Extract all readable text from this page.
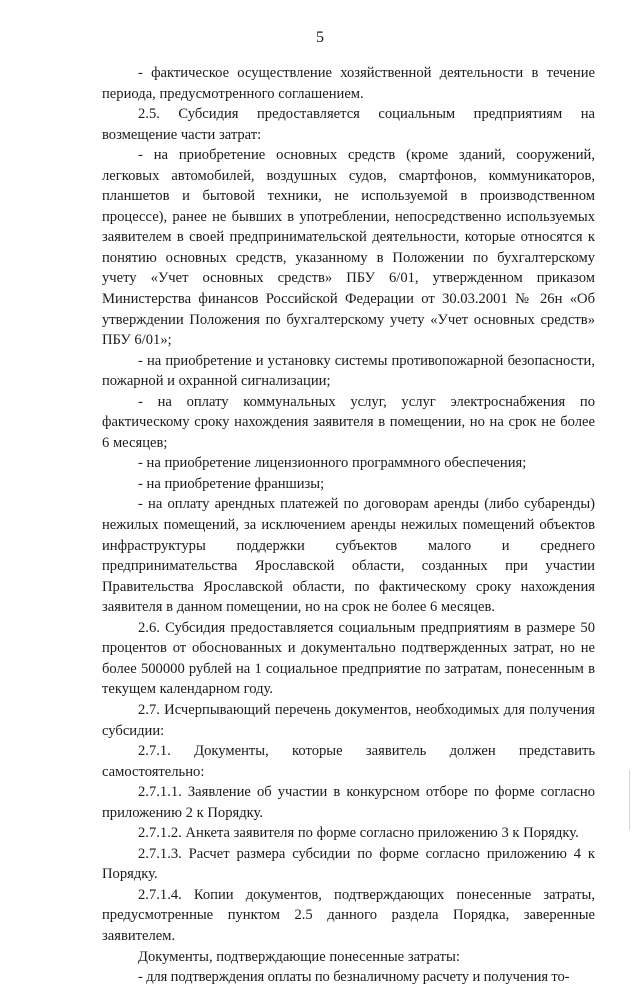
5

- фактическое осуществление хозяйственной деятельности в течение периода, предусмотренного соглашением.

2.5. Субсидия предоставляется социальным предприятиям на возмещение части затрат:

- на приобретение основных средств (кроме зданий, сооружений, легковых автомобилей, воздушных судов, смартфонов, коммуникаторов, планшетов и бытовой техники, не используемой в производственном процессе), ранее не бывших в употреблении, непосредственно используемых заявителем в своей предпринимательской деятельности, которые относятся к понятию основных средств, указанному в Положении по бухгалтерскому учету «Учет основных средств» ПБУ 6/01, утвержденном приказом Министерства финансов Российской Федерации от 30.03.2001 № 26н «Об утверждении Положения по бухгалтерскому учету «Учет основных средств» ПБУ 6/01»;

- на приобретение и установку системы противопожарной безопасности, пожарной и охранной сигнализации;

- на оплату коммунальных услуг, услуг электроснабжения по фактическому сроку нахождения заявителя в помещении, но на срок не более 6 месяцев;

- на приобретение лицензионного программного обеспечения;

- на приобретение франшизы;

- на оплату арендных платежей по договорам аренды (либо субаренды) нежилых помещений, за исключением аренды нежилых помещений объектов инфраструктуры поддержки субъектов малого и среднего предпринимательства Ярославской области, созданных при участии Правительства Ярославской области, по фактическому сроку нахождения заявителя в данном помещении, но на срок не более 6 месяцев.

2.6. Субсидия предоставляется социальным предприятиям в размере 50 процентов от обоснованных и документально подтвержденных затрат, но не более 500000 рублей на 1 социальное предприятие по затратам, понесенным в текущем календарном году.

2.7. Исчерпывающий перечень документов, необходимых для получения субсидии:

2.7.1. Документы, которые заявитель должен представить самостоятельно:

2.7.1.1. Заявление об участии в конкурсном отборе по форме согласно приложению 2 к Порядку.

2.7.1.2. Анкета заявителя по форме согласно приложению 3 к Порядку.

2.7.1.3. Расчет размера субсидии по форме согласно приложению 4 к Порядку.

2.7.1.4. Копии документов, подтверждающих понесенные затраты, предусмотренные пунктом 2.5 данного раздела Порядка, заверенные заявителем.

Документы, подтверждающие понесенные затраты:

- для подтверждения оплаты по безналичному расчету и получения то-
